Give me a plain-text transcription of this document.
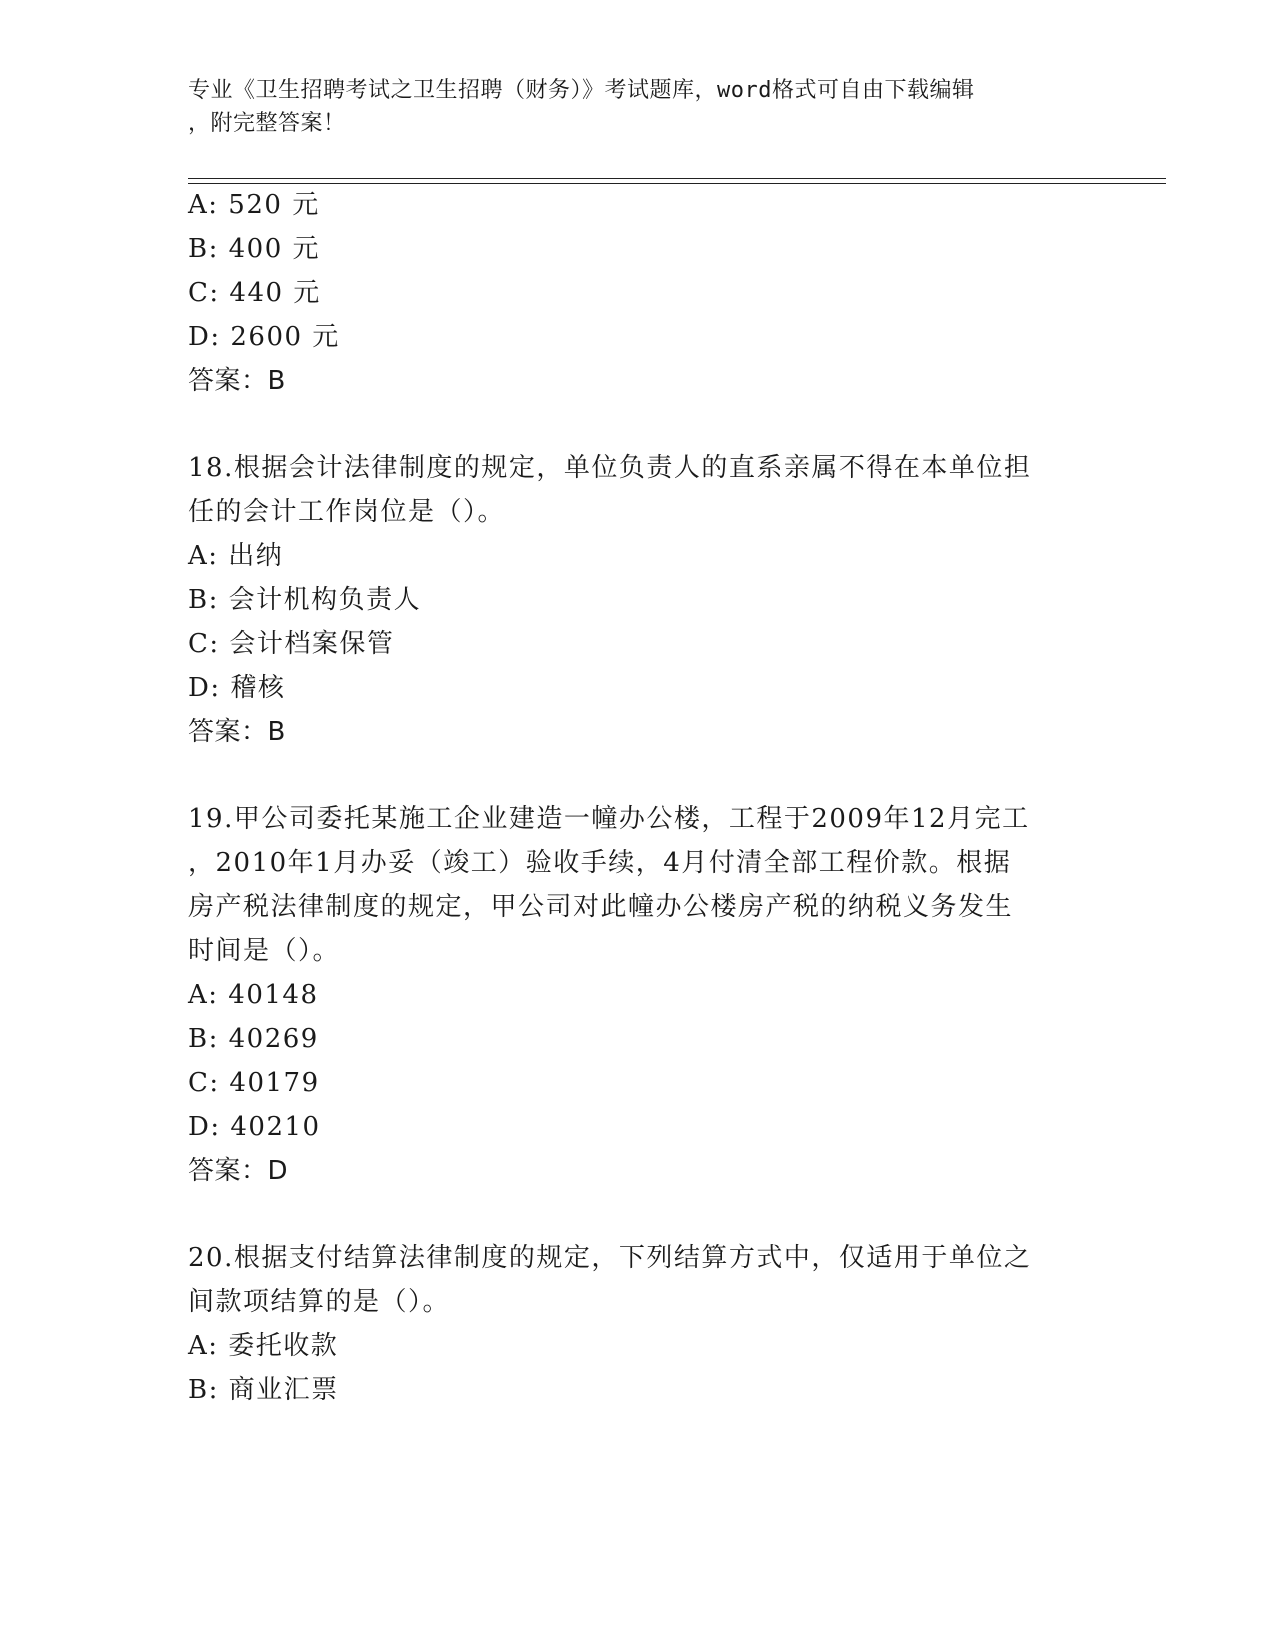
专业《卫生招聘考试之卫生招聘（财务）》考试题库，word格式可自由下载编辑
，附完整答案！
A: 520 元
B: 400 元
C: 440 元
D: 2600 元
答案：B
18.根据会计法律制度的规定，单位负责人的直系亲属不得在本单位担
任的会计工作岗位是（）。
A: 出纳
B: 会计机构负责人
C: 会计档案保管
D: 稽核
答案：B
19.甲公司委托某施工企业建造一幢办公楼，工程于2009年12月完工
，2010年1月办妥（竣工）验收手续，4月付清全部工程价款。根据
房产税法律制度的规定，甲公司对此幢办公楼房产税的纳税义务发生
时间是（）。
A: 40148
B: 40269
C: 40179
D: 40210
答案：D
20.根据支付结算法律制度的规定，下列结算方式中，仅适用于单位之
间款项结算的是（）。
A: 委托收款
B: 商业汇票
